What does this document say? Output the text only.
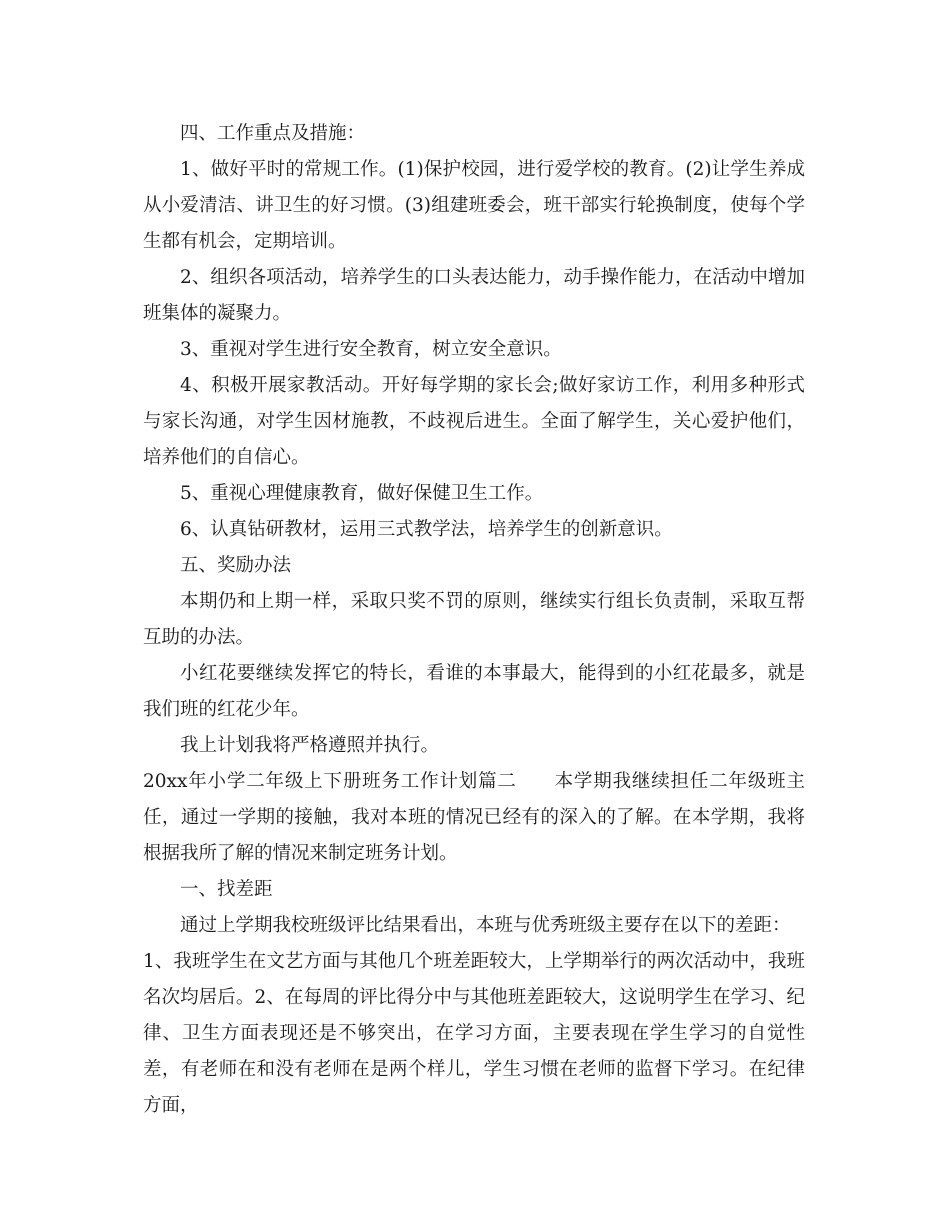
四、工作重点及措施：

1、做好平时的常规工作。(1)保护校园，进行爱学校的教育。(2)让学生养成从小爱清洁、讲卫生的好习惯。(3)组建班委会，班干部实行轮换制度，使每个学生都有机会，定期培训。

2、组织各项活动，培养学生的口头表达能力，动手操作能力，在活动中增加班集体的凝聚力。

3、重视对学生进行安全教育，树立安全意识。

4、积极开展家教活动。开好每学期的家长会;做好家访工作，利用多种形式与家长沟通，对学生因材施教，不歧视后进生。全面了解学生，关心爱护他们，培养他们的自信心。

5、重视心理健康教育，做好保健卫生工作。

6、认真钻研教材，运用三式教学法，培养学生的创新意识。

五、奖励办法

本期仍和上期一样，采取只奖不罚的原则，继续实行组长负责制，采取互帮互助的办法。

小红花要继续发挥它的特长，看谁的本事最大，能得到的小红花最多，就是我们班的红花少年。

我上计划我将严格遵照并执行。

20xx年小学二年级上下册班务工作计划篇二 本学期我继续担任二年级班主任，通过一学期的接触，我对本班的情况已经有的深入的了解。在本学期，我将根据我所了解的情况来制定班务计划。

一、找差距

通过上学期我校班级评比结果看出，本班与优秀班级主要存在以下的差距：

1、我班学生在文艺方面与其他几个班差距较大，上学期举行的两次活动中，我班名次均居后。2、在每周的评比得分中与其他班差距较大，这说明学生在学习、纪律、卫生方面表现还是不够突出，在学习方面，主要表现在学生学习的自觉性差，有老师在和没有老师在是两个样儿，学生习惯在老师的监督下学习。在纪律方面，
